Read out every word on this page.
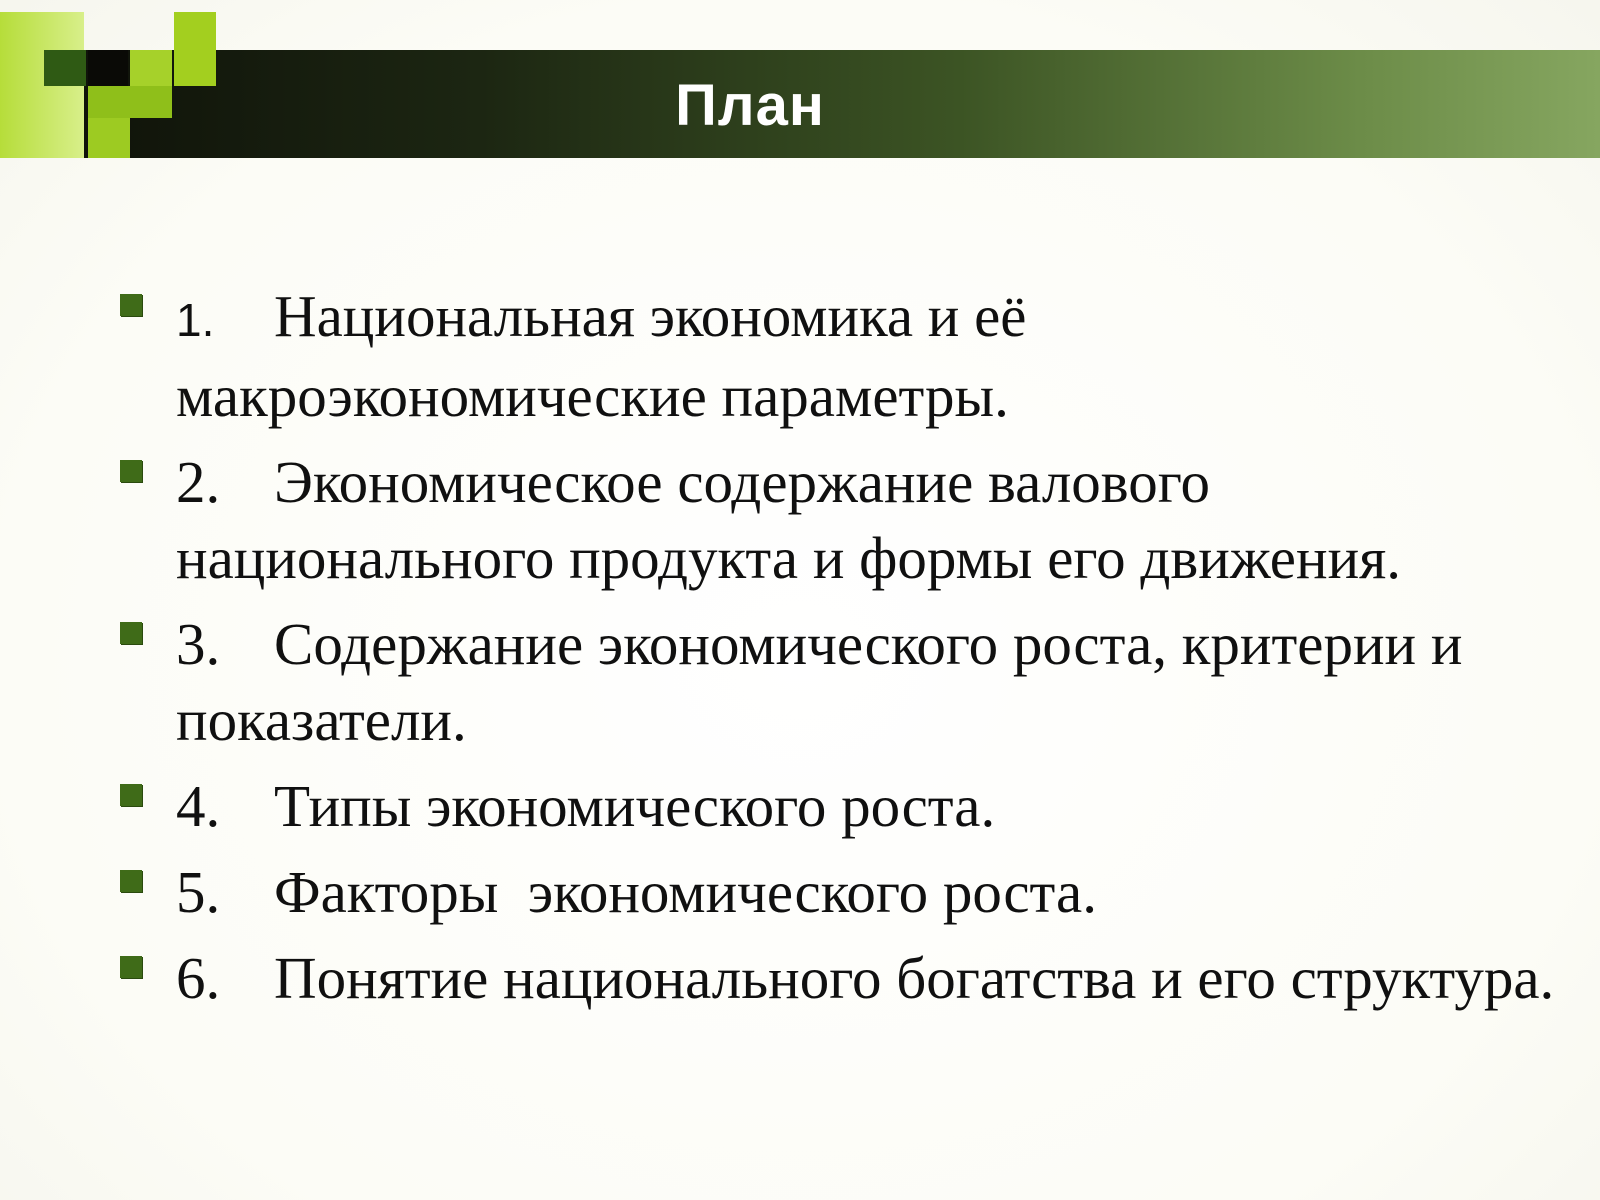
План
1. Национальная экономика и её макроэкономические параметры.
2. Экономическое содержание валового национального продукта и формы его движения.
3. Содержание экономического роста, критерии и показатели.
4. Типы экономического роста.
5. Факторы  экономического роста.
6. Понятие национального богатства и его структура.
